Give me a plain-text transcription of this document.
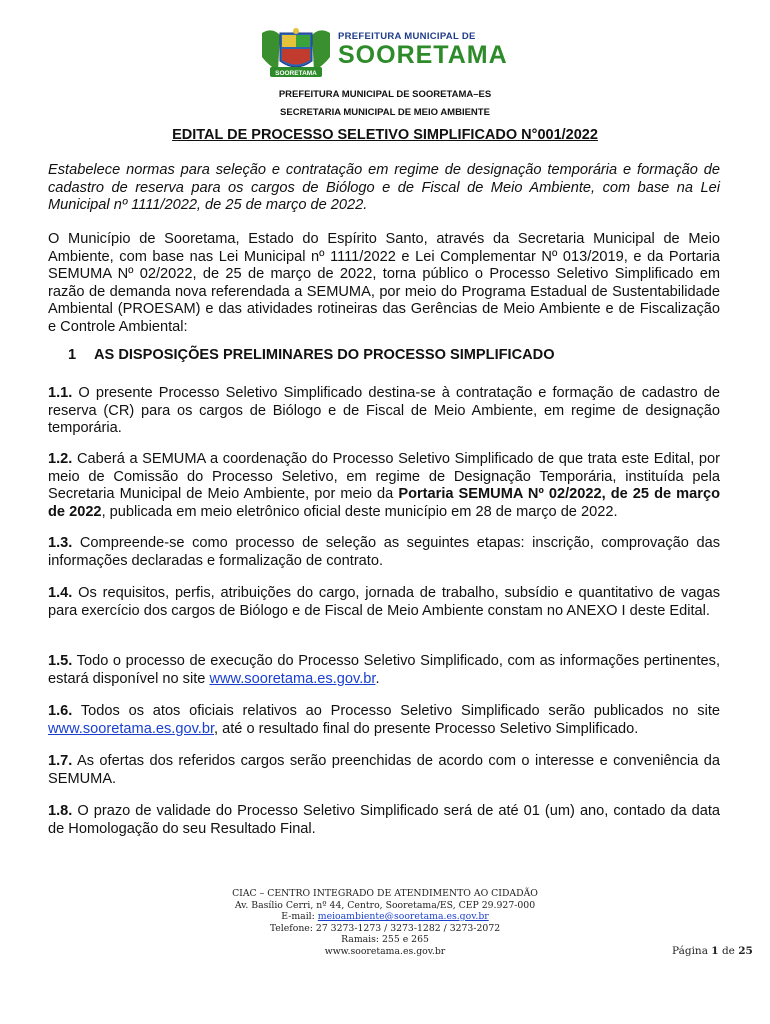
SOORETAMA
PREFEITURA MUNICIPAL DE
SOORETAMA
PREFEITURA MUNICIPAL DE SOORETAMA–ES
SECRETARIA MUNICIPAL DE MEIO AMBIENTE
EDITAL DE PROCESSO SELETIVO SIMPLIFICADO N°001/2022
Estabelece normas para seleção e contratação em regime de designação temporária e formação de cadastro de reserva para os cargos de Biólogo e de Fiscal de Meio Ambiente, com base na Lei Municipal nº 1111/2022, de 25 de março de 2022.
O Município de Sooretama, Estado do Espírito Santo, através da Secretaria Municipal de Meio Ambiente, com base nas Lei Municipal nº 1111/2022 e Lei Complementar Nº 013/2019, e da Portaria SEMUMA Nº 02/2022, de 25 de março de 2022, torna público o Processo Seletivo Simplificado em razão de demanda nova referendada a SEMUMA, por meio do Programa Estadual de Sustentabilidade Ambiental (PROESAM) e das atividades rotineiras das Gerências de Meio Ambiente e de Fiscalização e Controle Ambiental:
1 AS DISPOSIÇÕES PRELIMINARES DO PROCESSO SIMPLIFICADO
1.1. O presente Processo Seletivo Simplificado destina-se à contratação e formação de cadastro de reserva (CR) para os cargos de Biólogo e de Fiscal de Meio Ambiente, em regime de designação temporária.
1.2. Caberá a SEMUMA a coordenação do Processo Seletivo Simplificado de que trata este Edital, por meio de Comissão do Processo Seletivo, em regime de Designação Temporária, instituída pela Secretaria Municipal de Meio Ambiente, por meio da Portaria SEMUMA Nº 02/2022, de 25 de março de 2022, publicada em meio eletrônico oficial deste município em 28 de março de 2022.
1.3. Compreende-se como processo de seleção as seguintes etapas: inscrição, comprovação das informações declaradas e formalização de contrato.
1.4. Os requisitos, perfis, atribuições do cargo, jornada de trabalho, subsídio e quantitativo de vagas para exercício dos cargos de Biólogo e de Fiscal de Meio Ambiente constam no ANEXO I deste Edital.
1.5. Todo o processo de execução do Processo Seletivo Simplificado, com as informações pertinentes, estará disponível no site www.sooretama.es.gov.br.
1.6. Todos os atos oficiais relativos ao Processo Seletivo Simplificado serão publicados no site www.sooretama.es.gov.br, até o resultado final do presente Processo Seletivo Simplificado.
1.7. As ofertas dos referidos cargos serão preenchidas de acordo com o interesse e conveniência da SEMUMA.
1.8. O prazo de validade do Processo Seletivo Simplificado será de até 01 (um) ano, contado da data de Homologação do seu Resultado Final.
CIAC – CENTRO INTEGRADO DE ATENDIMENTO AO CIDADÃO
Av. Basílio Cerri, nº 44, Centro, Sooretama/ES, CEP 29.927-000
E-mail: meioambiente@sooretama.es.gov.br
Telefone: 27 3273-1273 / 3273-1282 / 3273-2072
Ramais: 255 e 265
www.sooretama.es.gov.br	Página 1 de 25
